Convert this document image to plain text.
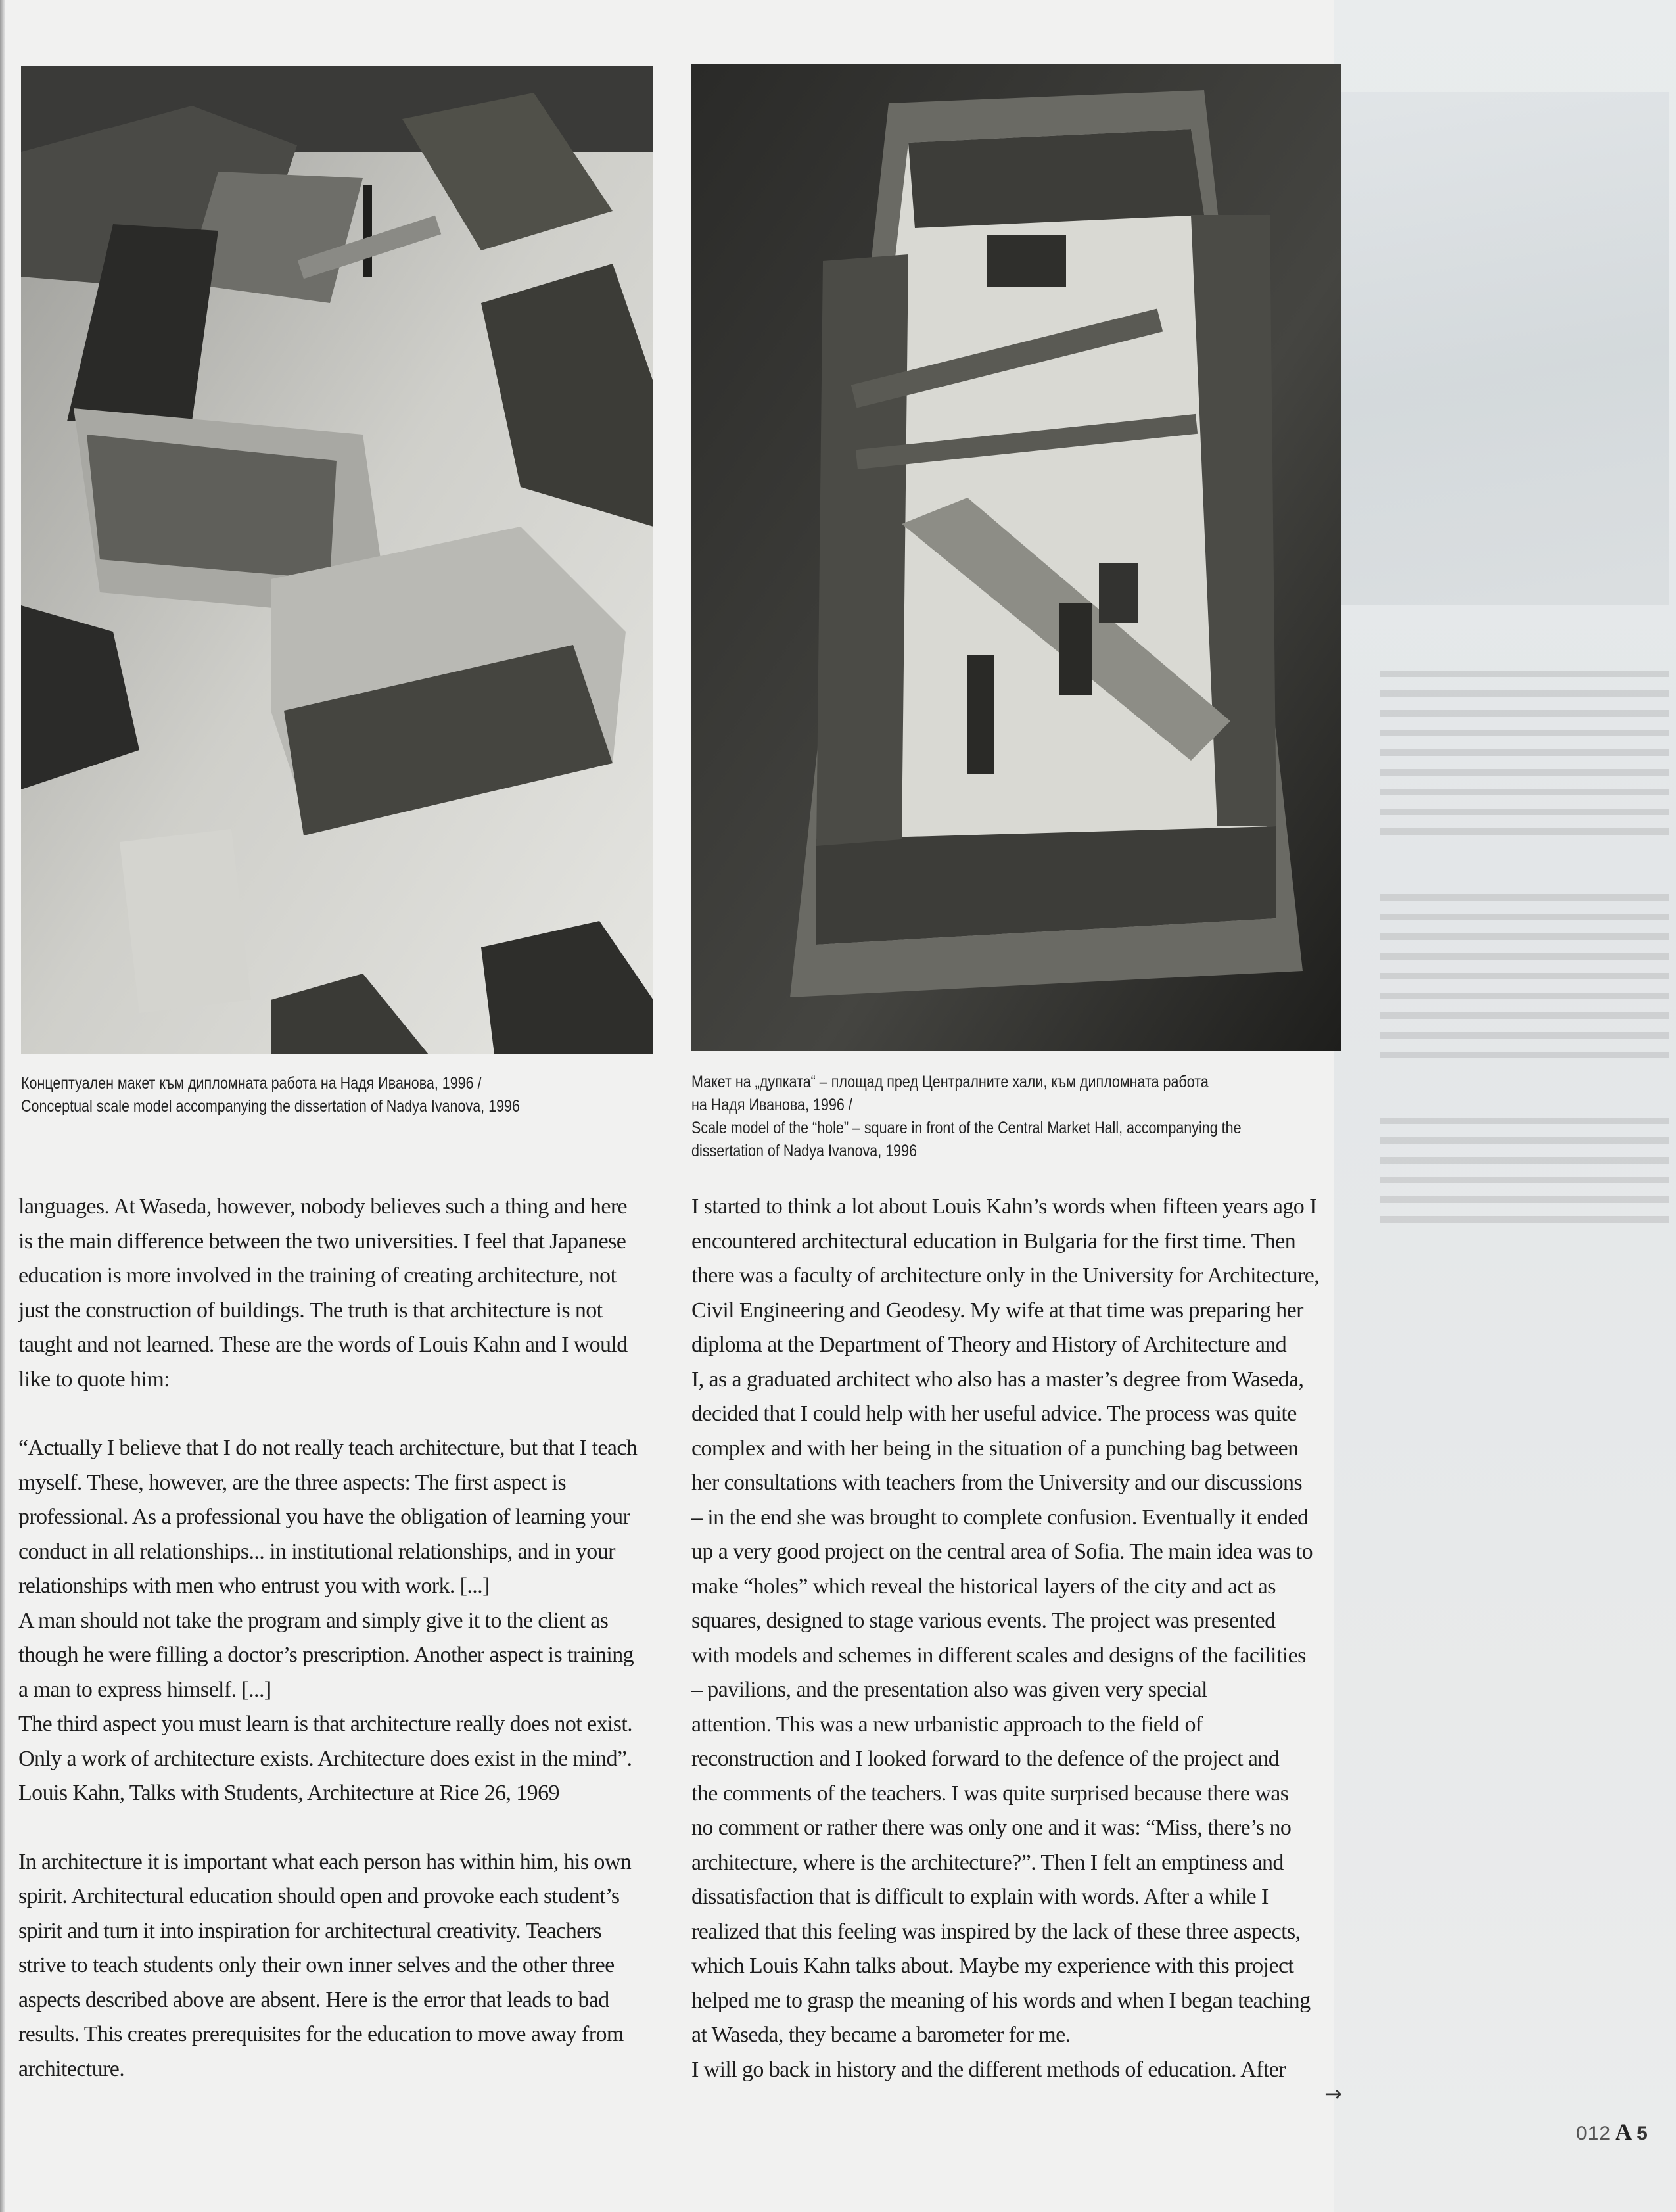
Концептуален макет към дипломната работа на Надя Иванова, 1996 /
Conceptual scale model accompanying the dissertation of Nadya Ivanova, 1996
Макет на „дупката“ – площад пред Централните хали, към дипломната работа
на Надя Иванова, 1996 /
Scale model of the “hole” – square in front of the Central Market Hall, accompanying the
dissertation of Nadya Ivanova, 1996
languages. At Waseda, however, nobody believes such a thing and here
is the main difference between the two universities. I feel that Japanese
education is more involved in the training of creating architecture, not
just the construction of buildings. The truth is that architecture is not
taught and not learned. These are the words of Louis Kahn and I would
like to quote him:
“Actually I believe that I do not really teach architecture, but that I teach
myself. These, however, are the three aspects: The first aspect is
professional. As a professional you have the obligation of learning your
conduct in all relationships... in institutional relationships, and in your
relationships with men who entrust you with work. [...]
A man should not take the program and simply give it to the client as
though he were filling a doctor’s prescription. Another aspect is training
a man to express himself. [...]
The third aspect you must learn is that architecture really does not exist.
Only a work of architecture exists. Architecture does exist in the mind”.
Louis Kahn, Talks with Students, Architecture at Rice 26, 1969
In architecture it is important what each person has within him, his own
spirit. Architectural education should open and provoke each student’s
spirit and turn it into inspiration for architectural creativity. Teachers
strive to teach students only their own inner selves and the other three
aspects described above are absent. Here is the error that leads to bad
results. This creates prerequisites for the education to move away from
architecture.
I started to think a lot about Louis Kahn’s words when fifteen years ago I
encountered architectural education in Bulgaria for the first time. Then
there was a faculty of architecture only in the University for Architecture,
Civil Engineering and Geodesy. My wife at that time was preparing her
diploma at the Department of Theory and History of Architecture and
I, as a graduated architect who also has a master’s degree from Waseda,
decided that I could help with her useful advice. The process was quite
complex and with her being in the situation of a punching bag between
her consultations with teachers from the University and our discussions
– in the end she was brought to complete confusion. Eventually it ended
up a very good project on the central area of Sofia. The main idea was to
make “holes” which reveal the historical layers of the city and act as
squares, designed to stage various events. The project was presented
with models and schemes in different scales and designs of the facilities
– pavilions, and the presentation also was given very special
attention. This was a new urbanistic approach to the field of
reconstruction and I looked forward to the defence of the project and
the comments of the teachers. I was quite surprised because there was
no comment or rather there was only one and it was: “Miss, there’s no
architecture, where is the architecture?”. Then I felt an emptiness and
dissatisfaction that is difficult to explain with words. After a while I
realized that this feeling was inspired by the lack of these three aspects,
which Louis Kahn talks about. Maybe my experience with this project
helped me to grasp the meaning of his words and when I began teaching
at Waseda, they became a barometer for me.
I will go back in history and the different methods of education. After
→
012 A 5
